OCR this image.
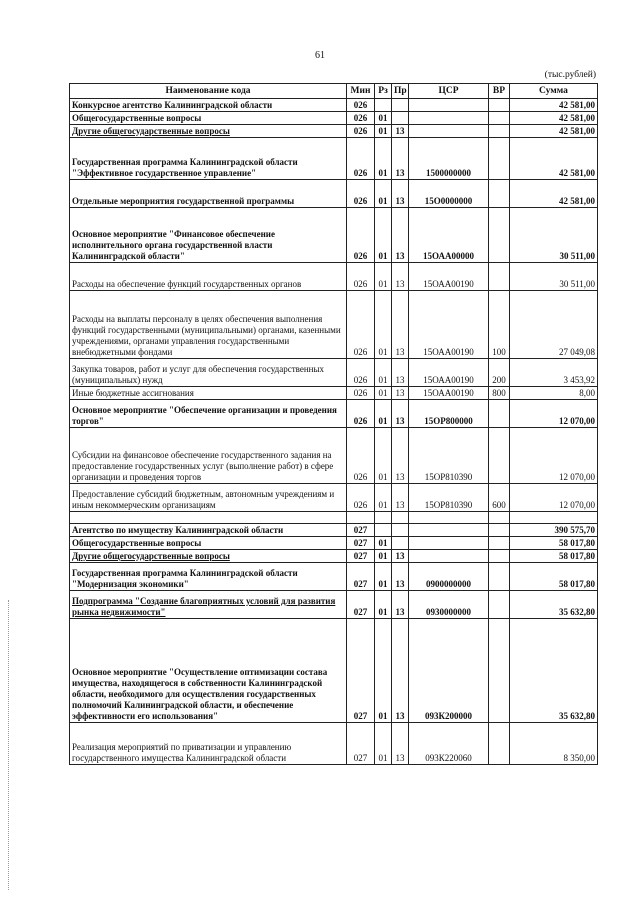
61
(тыс.рублей)
Наименование кода	Мин	Рз	Пр	ЦСР	ВР	Сумма
Конкурсное агентство Калининградской области	026					42 581,00
Общегосударственные вопросы	026	01				42 581,00
Другие общегосударственные вопросы	026	01	13			42 581,00
Государственная программа Калининградской области "Эффективное государственное управление"	026	01	13	1500000000		42 581,00
Отдельные мероприятия государственной программы	026	01	13	15О0000000		42 581,00
Основное мероприятие "Финансовое обеспечение исполнительного органа государственной власти Калининградской области"	026	01	13	15ОАА00000		30 511,00
Расходы на обеспечение функций государственных органов	026	01	13	15ОАА00190		30 511,00
Расходы на выплаты персоналу в целях обеспечения выполнения функций государственными (муниципальными) органами, казенными учреждениями, органами управления государственными внебюджетными фондами	026	01	13	15ОАА00190	100	27 049,08
Закупка товаров, работ и услуг для обеспечения государственных (муниципальных) нужд	026	01	13	15ОАА00190	200	3 453,92
Иные бюджетные ассигнования	026	01	13	15ОАА00190	800	8,00
Основное мероприятие "Обеспечение организации и проведения торгов"	026	01	13	15ОР800000		12 070,00
Субсидии на финансовое обеспечение государственного задания на предоставление государственных услуг (выполнение работ) в сфере организации и проведения торгов	026	01	13	15ОР810390		12 070,00
Предоставление субсидий бюджетным, автономным учреждениям и иным некоммерческим организациям	026	01	13	15ОР810390	600	12 070,00

Агентство по имуществу Калининградской области	027					390 575,70
Общегосударственные вопросы	027	01				58 017,80
Другие общегосударственные вопросы	027	01	13			58 017,80
Государственная программа Калининградской области "Модернизация экономики"	027	01	13	0900000000		58 017,80
Подпрограмма "Создание благоприятных условий для развития рынка недвижимости"	027	01	13	0930000000		35 632,80
Основное мероприятие "Осуществление оптимизации состава имущества, находящегося в собственности Калининградской области, необходимого для осуществления государственных полномочий Калининградской области, и обеспечение эффективности его использования"	027	01	13	093К200000		35 632,80
Реализация мероприятий по приватизации и управлению государственного имущества Калининградской области	027	01	13	093К220060		8 350,00
